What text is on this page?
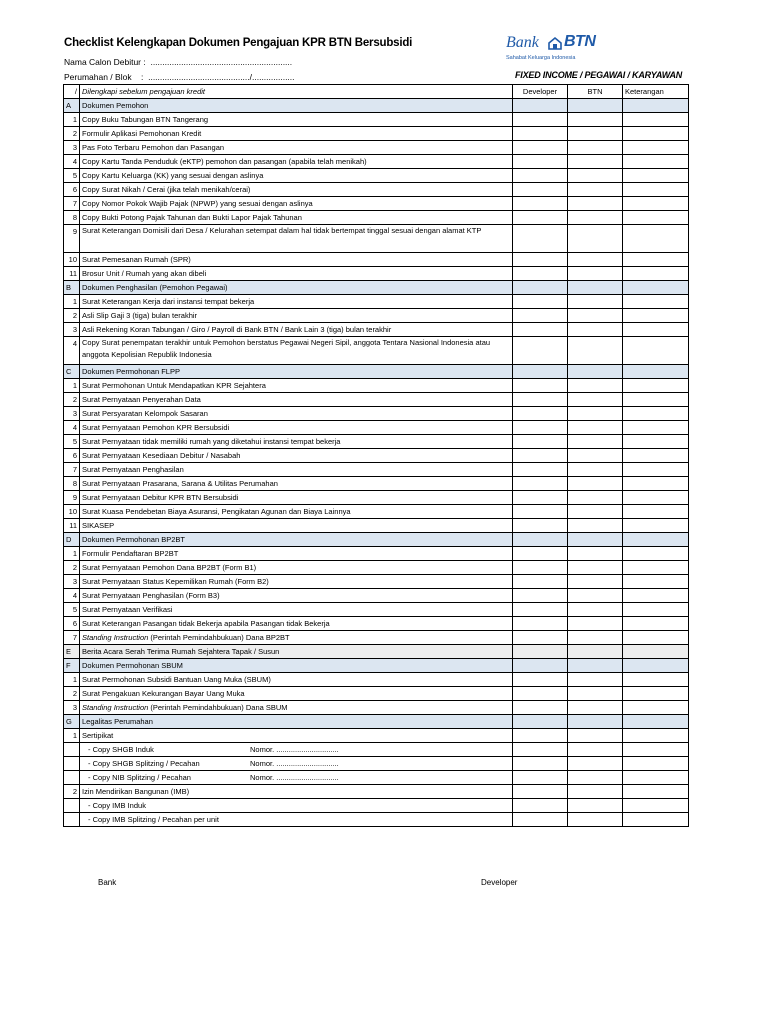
Checklist Kelengkapan Dokumen Pengajuan KPR BTN Bersubsidi
Nama Calon Debitur :  ............................................................
Perumahan / Blok    :  .........................................../..................
Bank BTN
Sahabat Keluarga Indonesia
FIXED INCOME / PEGAWAI / KARYAWAN
/	Dilengkapi sebelum pengajuan kredit	Developer	BTN	Keterangan
A	Dokumen Pemohon			
1	Copy Buku Tabungan BTN Tangerang			
2	Formulir Aplikasi Pemohonan Kredit			
3	Pas Foto Terbaru Pemohon dan Pasangan			
4	Copy Kartu Tanda Penduduk (eKTP) pemohon dan pasangan (apabila telah menikah)			
5	Copy Kartu Keluarga (KK) yang sesuai dengan aslinya			
6	Copy Surat Nikah / Cerai (jika telah menikah/cerai)			
7	Copy Nomor Pokok Wajib Pajak (NPWP) yang sesuai dengan aslinya			
8	Copy Bukti Potong Pajak Tahunan dan Bukti Lapor Pajak Tahunan			
9	Surat Keterangan Domisili dari Desa / Kelurahan setempat dalam hal tidak bertempat tinggal sesuai dengan alamat KTP			
10	Surat Pemesanan Rumah (SPR)			
11	Brosur Unit / Rumah yang akan dibeli			
B	Dokumen Penghasilan (Pemohon Pegawai)			
1	Surat Keterangan Kerja dari instansi tempat bekerja			
2	Asli Slip Gaji 3 (tiga) bulan terakhir			
3	Asli Rekening Koran Tabungan / Giro / Payroll di Bank BTN / Bank Lain 3 (tiga) bulan terakhir			
4	Copy Surat penempatan terakhir untuk Pemohon berstatus Pegawai Negeri Sipil, anggota Tentara Nasional Indonesia atau anggota Kepolisian Republik Indonesia			
C	Dokumen Permohonan FLPP			
1	Surat Permohonan Untuk Mendapatkan KPR Sejahtera			
2	Surat Pernyataan Penyerahan Data			
3	Surat Persyaratan Kelompok Sasaran			
4	Surat Pernyataan Pemohon KPR Bersubsidi			
5	Surat Pernyataan tidak memiliki rumah yang diketahui instansi tempat bekerja			
6	Surat Pernyataan Kesediaan Debitur / Nasabah			
7	Surat Pernyataan Penghasilan			
8	Surat Pernyataan Prasarana, Sarana & Utilitas Perumahan			
9	Surat Pernyataan Debitur KPR BTN Bersubsidi			
10	Surat Kuasa Pendebetan Biaya Asuransi, Pengikatan Agunan dan Biaya Lainnya			
11	SIKASEP			
D	Dokumen Permohonan BP2BT			
1	Formulir Pendaftaran BP2BT			
2	Surat Pernyataan Pemohon Dana BP2BT (Form B1)			
3	Surat Pernyataan Status Kepemilikan Rumah (Form B2)			
4	Surat Pernyataan Penghasilan (Form B3)			
5	Surat Pernyataan Verifikasi			
6	Surat Keterangan Pasangan tidak Bekerja apabila Pasangan tidak Bekerja			
7	Standing Instruction (Perintah Pemindahbukuan) Dana BP2BT			
E	Berita Acara Serah Terima Rumah Sejahtera Tapak / Susun			
F	Dokumen Permohonan SBUM			
1	Surat Permohonan Subsidi Bantuan Uang Muka (SBUM)			
2	Surat Pengakuan Kekurangan Bayar Uang Muka			
3	Standing Instruction (Perintah Pemindahbukuan) Dana SBUM			
G	Legalitas Perumahan			
1	Sertipikat			
	- Copy SHGB Induk Nomor. ..............................			

	- Copy SHGB Splitzing / Pecahan Nomor. ..............................			

	- Copy NIB Splitzing / Pecahan Nomor. ..............................			

2	Izin Mendirikan Bangunan (IMB)			
	- Copy IMB Induk			
	- Copy IMB Splitzing / Pecahan per unit			
Bank	Developer
